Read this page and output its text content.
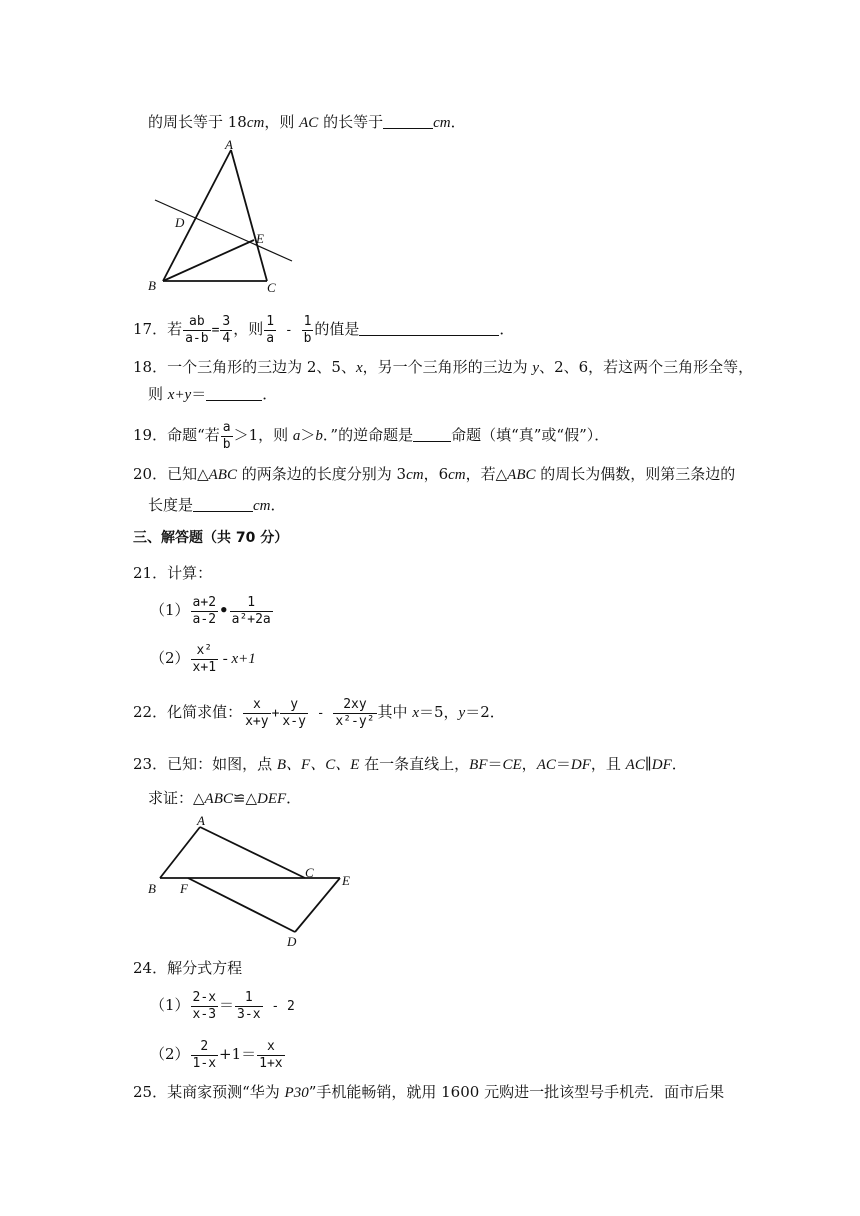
的周长等于 18cm，则 AC 的长等于	cm．
A
D
E
B	C
17．若 $\frac{ab}{a-b} = \frac{3}{4}$ ，则 $\frac{1}{a} - \frac{1}{b}$ 的值是	．
18．一个三角形的三边为 2、5、x，另一个三角形的三边为 y、2、6，若这两个三角形全等，
则 x+y＝	．
19．命题“若 $\frac{a}{b} >1$，则 a＞b．”的逆命题是	命题（填“真”或“假”）．
20．已知△ABC 的两条边的长度分别为 3cm，6cm，若△ABC 的周长为偶数，则第三条边的
长度是	cm．
三、解答题（共 70 分）
21．计算：
$(1) \frac{a+2}{a-2}$ • $\frac{1}{\text{a²+2a}}$
$(2) \frac{\text{x²}}{x+1} - x+1$
22．化简求值： $\frac{x}{x+y} + \frac{y}{x-y} - \frac{2xy}{\text{x²-y²}}$ 其中 x＝5，y＝2．
23．已知：如图，点 B、F、C、E 在一条直线上，BF＝CE，AC＝DF，且 AC∥DF．
求证：△ABC≌△DEF．
A
B F
C
E
D
24．解分式方程
$(1) \frac{2-x}{x-3} = \frac{1}{3-x} - 2$
$(2) \frac{2}{1-x} +1= \frac{x}{1+x}$
25．某商家预测“华为 P30”手机能畅销，就用 1600 元购进一批该型号手机壳．面市后果
